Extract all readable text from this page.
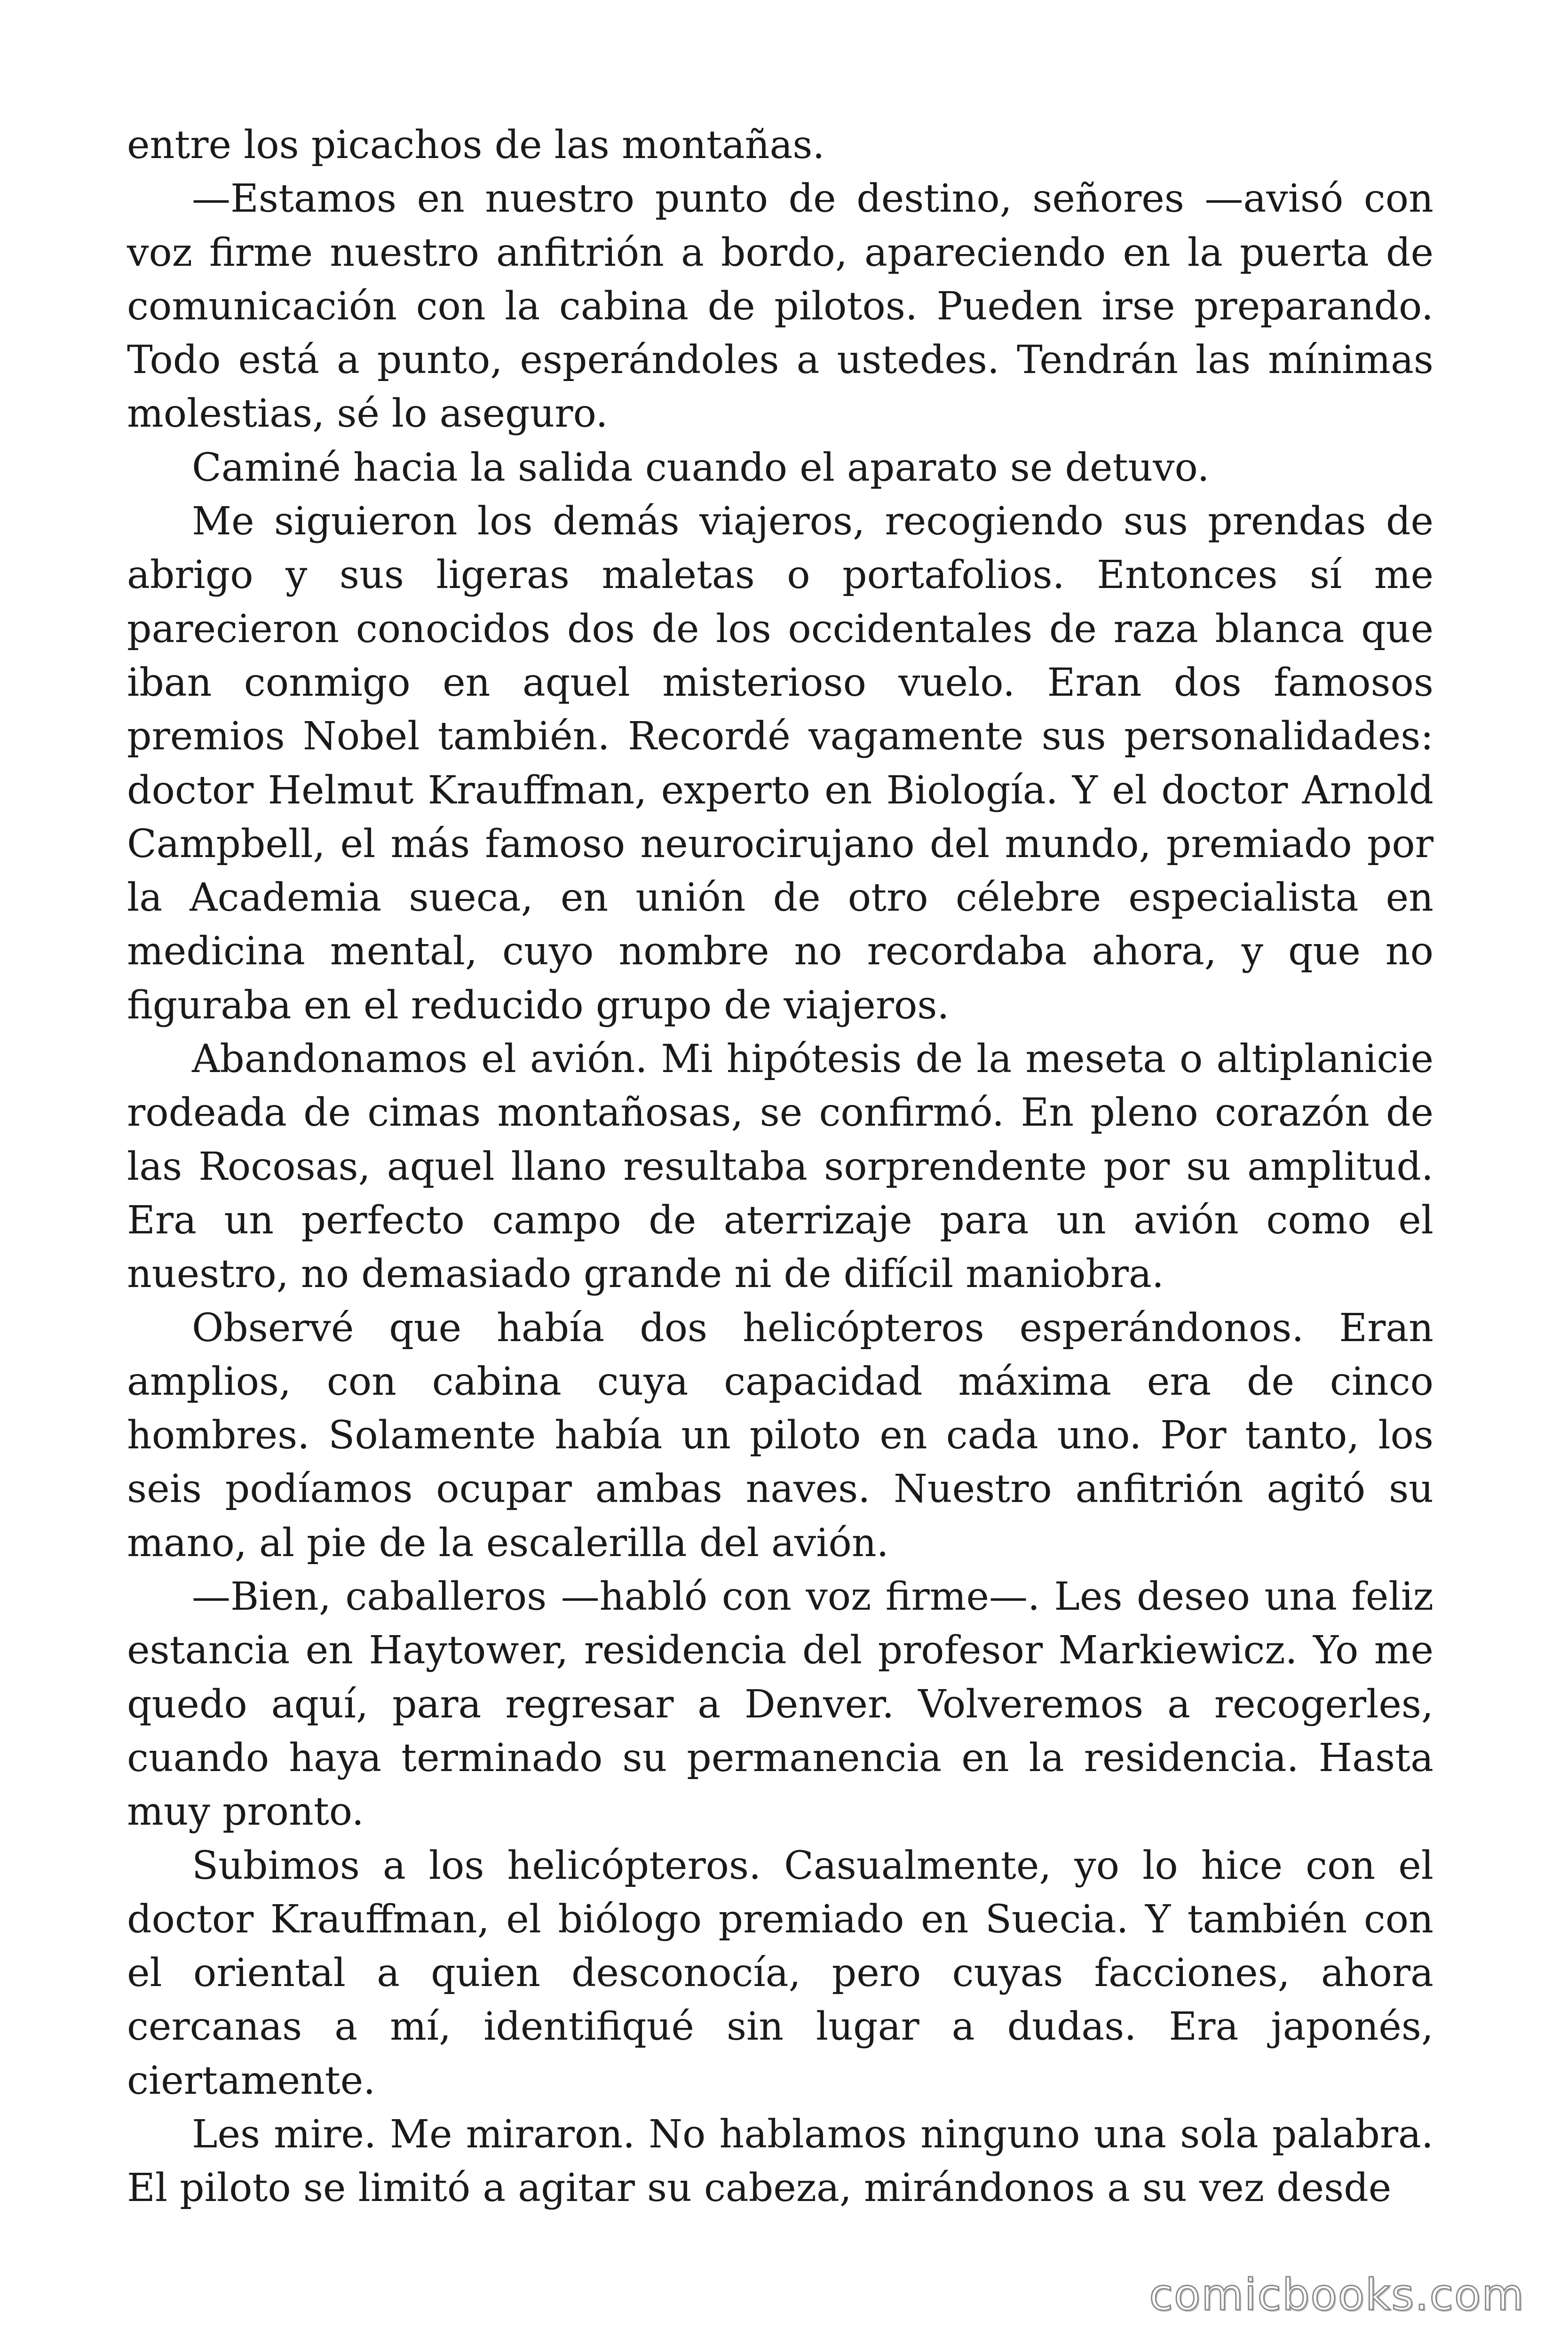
entre los picachos de las montañas.

—Estamos en nuestro punto de destino, señores —avisó con voz firme nuestro anfitrión a bordo, apareciendo en la puerta de comunicación con la cabina de pilotos. Pueden irse preparando. Todo está a punto, esperándoles a ustedes. Tendrán las mínimas molestias, sé lo aseguro.

Caminé hacia la salida cuando el aparato se detuvo.

Me siguieron los demás viajeros, recogiendo sus prendas de abrigo y sus ligeras maletas o portafolios. Entonces sí me parecieron conocidos dos de los occidentales de raza blanca que iban conmigo en aquel misterioso vuelo. Eran dos famosos premios Nobel también. Recordé vagamente sus personalidades: doctor Helmut Krauffman, experto en Biología. Y el doctor Arnold Campbell, el más famoso neurocirujano del mundo, premiado por la Academia sueca, en unión de otro célebre especialista en medicina mental, cuyo nombre no recordaba ahora, y que no figuraba en el reducido grupo de viajeros.

Abandonamos el avión. Mi hipótesis de la meseta o altiplanicie rodeada de cimas montañosas, se confirmó. En pleno corazón de las Rocosas, aquel llano resultaba sorprendente por su amplitud. Era un perfecto campo de aterrizaje para un avión como el nuestro, no demasiado grande ni de difícil maniobra.

Observé que había dos helicópteros esperándonos. Eran amplios, con cabina cuya capacidad máxima era de cinco hombres. Solamente había un piloto en cada uno. Por tanto, los seis podíamos ocupar ambas naves. Nuestro anfitrión agitó su mano, al pie de la escalerilla del avión.

—Bien, caballeros —habló con voz firme—. Les deseo una feliz estancia en Haytower, residencia del profesor Markiewicz. Yo me quedo aquí, para regresar a Denver. Volveremos a recogerles, cuando haya terminado su permanencia en la residencia. Hasta muy pronto.

Subimos a los helicópteros. Casualmente, yo lo hice con el doctor Krauffman, el biólogo premiado en Suecia. Y también con el oriental a quien desconocía, pero cuyas facciones, ahora cercanas a mí, identifiqué sin lugar a dudas. Era japonés, ciertamente.

Les mire. Me miraron. No hablamos ninguno una sola palabra. El piloto se limitó a agitar su cabeza, mirándonos a su vez desde

comicbooks.com
